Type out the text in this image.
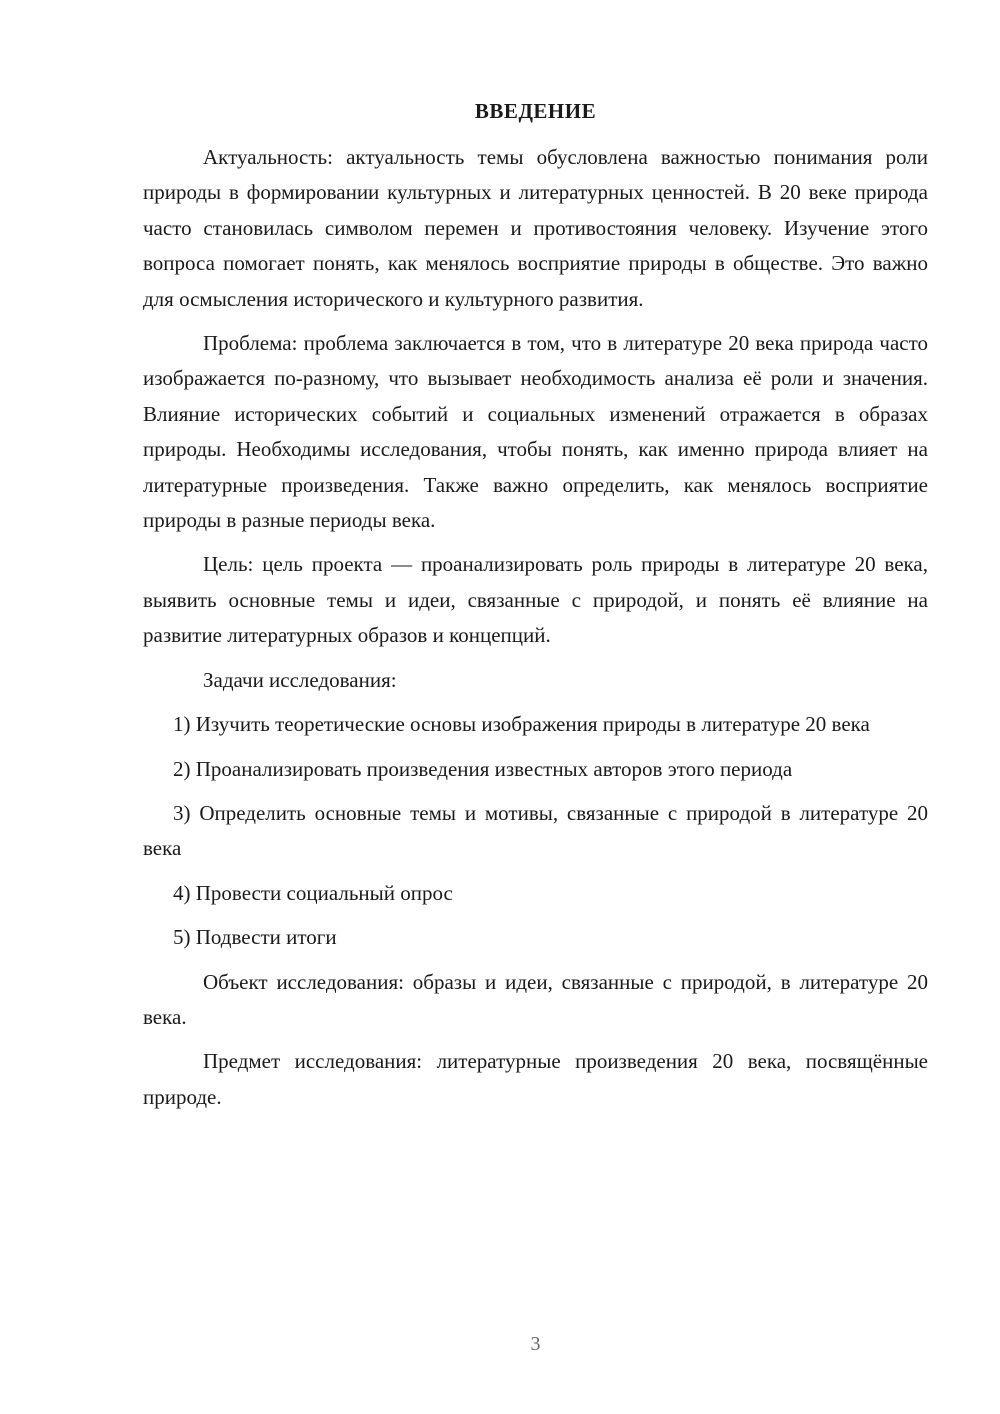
ВВЕДЕНИЕ

Актуальность: актуальность темы обусловлена важностью понимания роли природы в формировании культурных и литературных ценностей. В 20 веке природа часто становилась символом перемен и противостояния человеку. Изучение этого вопроса помогает понять, как менялось восприятие природы в обществе. Это важно для осмысления исторического и культурного развития.

Проблема: проблема заключается в том, что в литературе 20 века природа часто изображается по-разному, что вызывает необходимость анализа её роли и значения. Влияние исторических событий и социальных изменений отражается в образах природы. Необходимы исследования, чтобы понять, как именно природа влияет на литературные произведения. Также важно определить, как менялось восприятие природы в разные периоды века.

Цель: цель проекта — проанализировать роль природы в литературе 20 века, выявить основные темы и идеи, связанные с природой, и понять её влияние на развитие литературных образов и концепций.

Задачи исследования:

1) Изучить теоретические основы изображения природы в литературе 20 века

2) Проанализировать произведения известных авторов этого периода

3) Определить основные темы и мотивы, связанные с природой в литературе 20 века

4) Провести социальный опрос

5) Подвести итоги

Объект исследования: образы и идеи, связанные с природой, в литературе 20 века.

Предмет исследования: литературные произведения 20 века, посвящённые природе.

3
